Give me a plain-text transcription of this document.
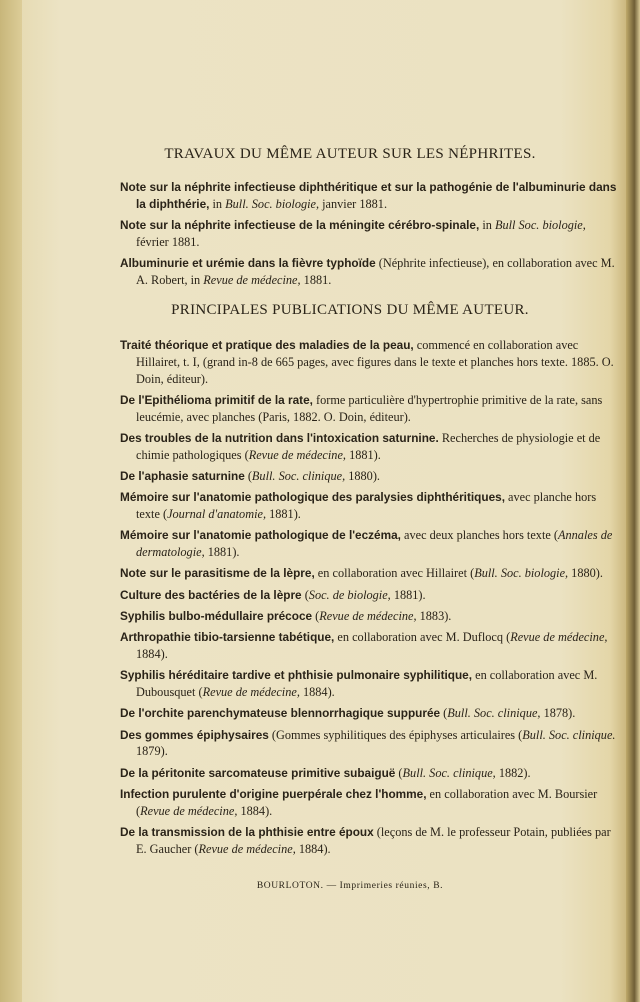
TRAVAUX DU MÊME AUTEUR SUR LES NÉPHRITES.

Note sur la néphrite infectieuse diphthéritique et sur la pathogénie de l'albuminurie dans la diphthérie, in Bull. Soc. biologie, janvier 1881.

Note sur la néphrite infectieuse de la méningite cérébro-spinale, in Bull Soc. biologie, février 1881.

Albuminurie et urémie dans la fièvre typhoïde (Néphrite infectieuse), en collaboration avec M. A. Robert, in Revue de médecine, 1881.

PRINCIPALES PUBLICATIONS DU MÊME AUTEUR.

Traité théorique et pratique des maladies de la peau, commencé en collaboration avec Hillairet, t. I, (grand in-8 de 665 pages, avec figures dans le texte et planches hors texte. 1885. O. Doin, éditeur).

De l'Epithélioma primitif de la rate, forme particulière d'hypertrophie primitive de la rate, sans leucémie, avec planches (Paris, 1882. O. Doin, éditeur).

Des troubles de la nutrition dans l'intoxication saturnine. Recherches de physiologie et de chimie pathologiques (Revue de médecine, 1881).

De l'aphasie saturnine (Bull. Soc. clinique, 1880).

Mémoire sur l'anatomie pathologique des paralysies diphthéritiques, avec planche hors texte (Journal d'anatomie, 1881).

Mémoire sur l'anatomie pathologique de l'eczéma, avec deux planches hors texte (Annales de dermatologie, 1881).

Note sur le parasitisme de la lèpre, en collaboration avec Hillairet (Bull. Soc. biologie, 1880).

Culture des bactéries de la lèpre (Soc. de biologie, 1881).

Syphilis bulbo-médullaire précoce (Revue de médecine, 1883).

Arthropathie tibio-tarsienne tabétique, en collaboration avec M. Duflocq (Revue de médecine, 1884).

Syphilis héréditaire tardive et phthisie pulmonaire syphilitique, en collaboration avec M. Dubousquet (Revue de médecine, 1884).

De l'orchite parenchymateuse blennorrhagique suppurée (Bull. Soc. clinique, 1878).

Des gommes épiphysaires (Gommes syphilitiques des épiphyses articulaires (Bull. Soc. clinique. 1879).

De la péritonite sarcomateuse primitive subaiguë (Bull. Soc. clinique, 1882).

Infection purulente d'origine puerpérale chez l'homme, en collaboration avec M. Boursier (Revue de médecine, 1884).

De la transmission de la phthisie entre époux (leçons de M. le professeur Potain, publiées par E. Gaucher (Revue de médecine, 1884).

BOURLOTON. — Imprimeries réunies, B.
